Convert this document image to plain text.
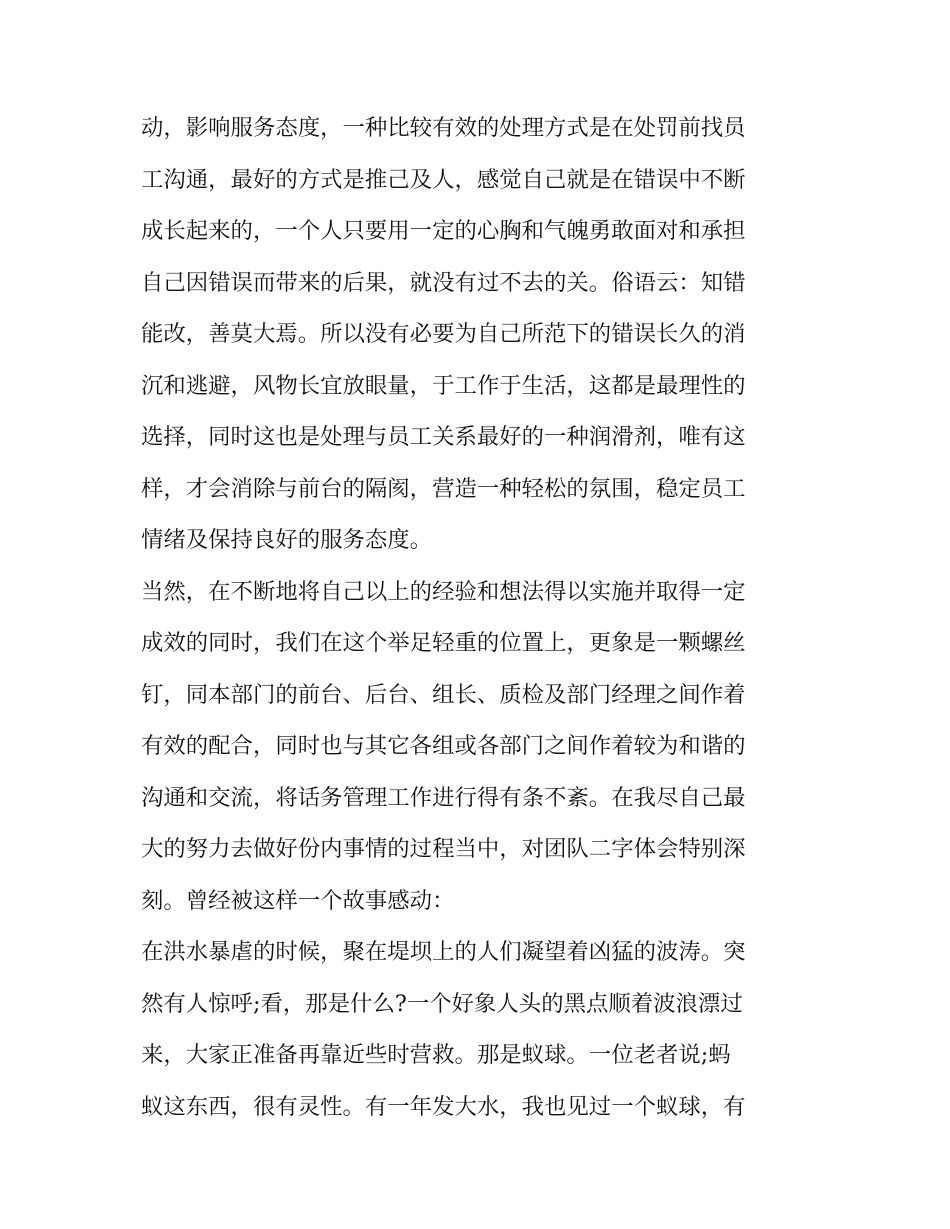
动，影响服务态度，一种比较有效的处理方式是在处罚前找员
工沟通，最好的方式是推己及人，感觉自己就是在错误中不断
成长起来的，一个人只要用一定的心胸和气魄勇敢面对和承担
自己因错误而带来的后果，就没有过不去的关。俗语云：知错
能改，善莫大焉。所以没有必要为自己所范下的错误长久的消
沉和逃避，风物长宜放眼量，于工作于生活，这都是最理性的
选择，同时这也是处理与员工关系最好的一种润滑剂，唯有这
样，才会消除与前台的隔阂，营造一种轻松的氛围，稳定员工
情绪及保持良好的服务态度。
当然，在不断地将自己以上的经验和想法得以实施并取得一定
成效的同时，我们在这个举足轻重的位置上，更象是一颗螺丝
钉，同本部门的前台、后台、组长、质检及部门经理之间作着
有效的配合，同时也与其它各组或各部门之间作着较为和谐的
沟通和交流，将话务管理工作进行得有条不紊。在我尽自己最
大的努力去做好份内事情的过程当中，对团队二字体会特别深
刻。曾经被这样一个故事感动：
在洪水暴虐的时候，聚在堤坝上的人们凝望着凶猛的波涛。突
然有人惊呼;看，那是什么?一个好象人头的黑点顺着波浪漂过
来，大家正准备再靠近些时营救。那是蚁球。一位老者说;蚂
蚁这东西，很有灵性。有一年发大水，我也见过一个蚁球，有
